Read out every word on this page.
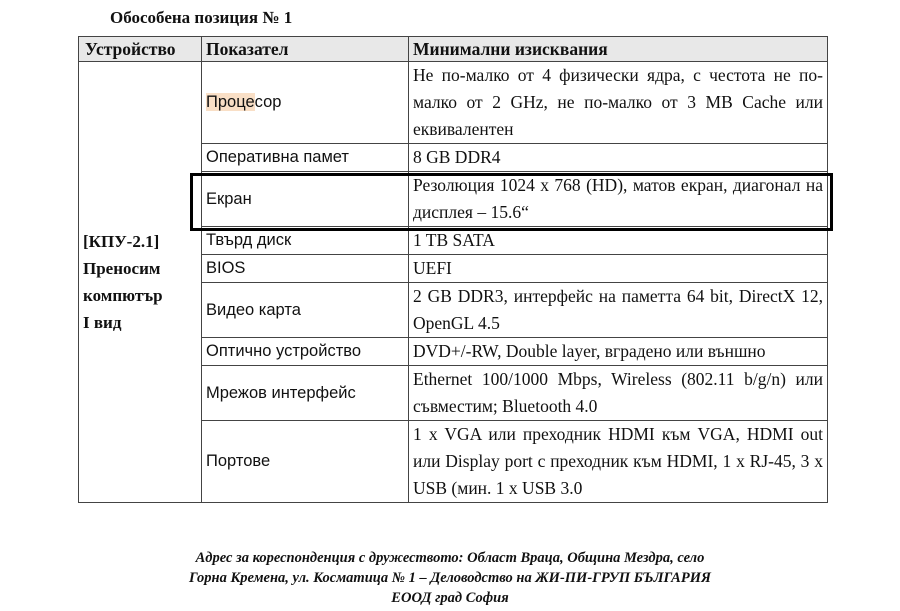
Обособена позиция № 1
Устройство	Показател	Минимални изисквания

[КПУ-2.1]
Преносим
компютър
I вид	Процесор	Не по-малко от 4 физически ядра, с честота не по-малко от 2 GHz, не по-малко от 3 MB Cache или еквивалентен
	Оперативна памет	8 GB DDR4
	Екран	Резолюция 1024 x 768 (HD), матов екран, диагонал на дисплея – 15.6“
	Твърд диск	1 TB SATA
	BIOS	UEFI
	Видео карта	2 GB DDR3, интерфейс на паметта 64 bit, DirectX 12, OpenGL 4.5
	Оптично устройство	DVD+/-RW, Double layer, вградено или външно
	Мрежов интерфейс	Ethernet 100/1000 Mbps, Wireless (802.11 b/g/n) или съвместим; Bluetooth 4.0
	Портове	1 x VGA или преходник HDMI към VGA, HDMI out или Display port с преходник към HDMI, 1 x RJ-45, 3 x USB (мин. 1 x USB 3.0
Адрес за кореспонденция с дружеството: Област Враца, Община Мездра, село
Горна Кремена, ул. Косматица № 1 – Деловодство на ЖИ-ПИ-ГРУП БЪЛГАРИЯ
ЕООД град София
